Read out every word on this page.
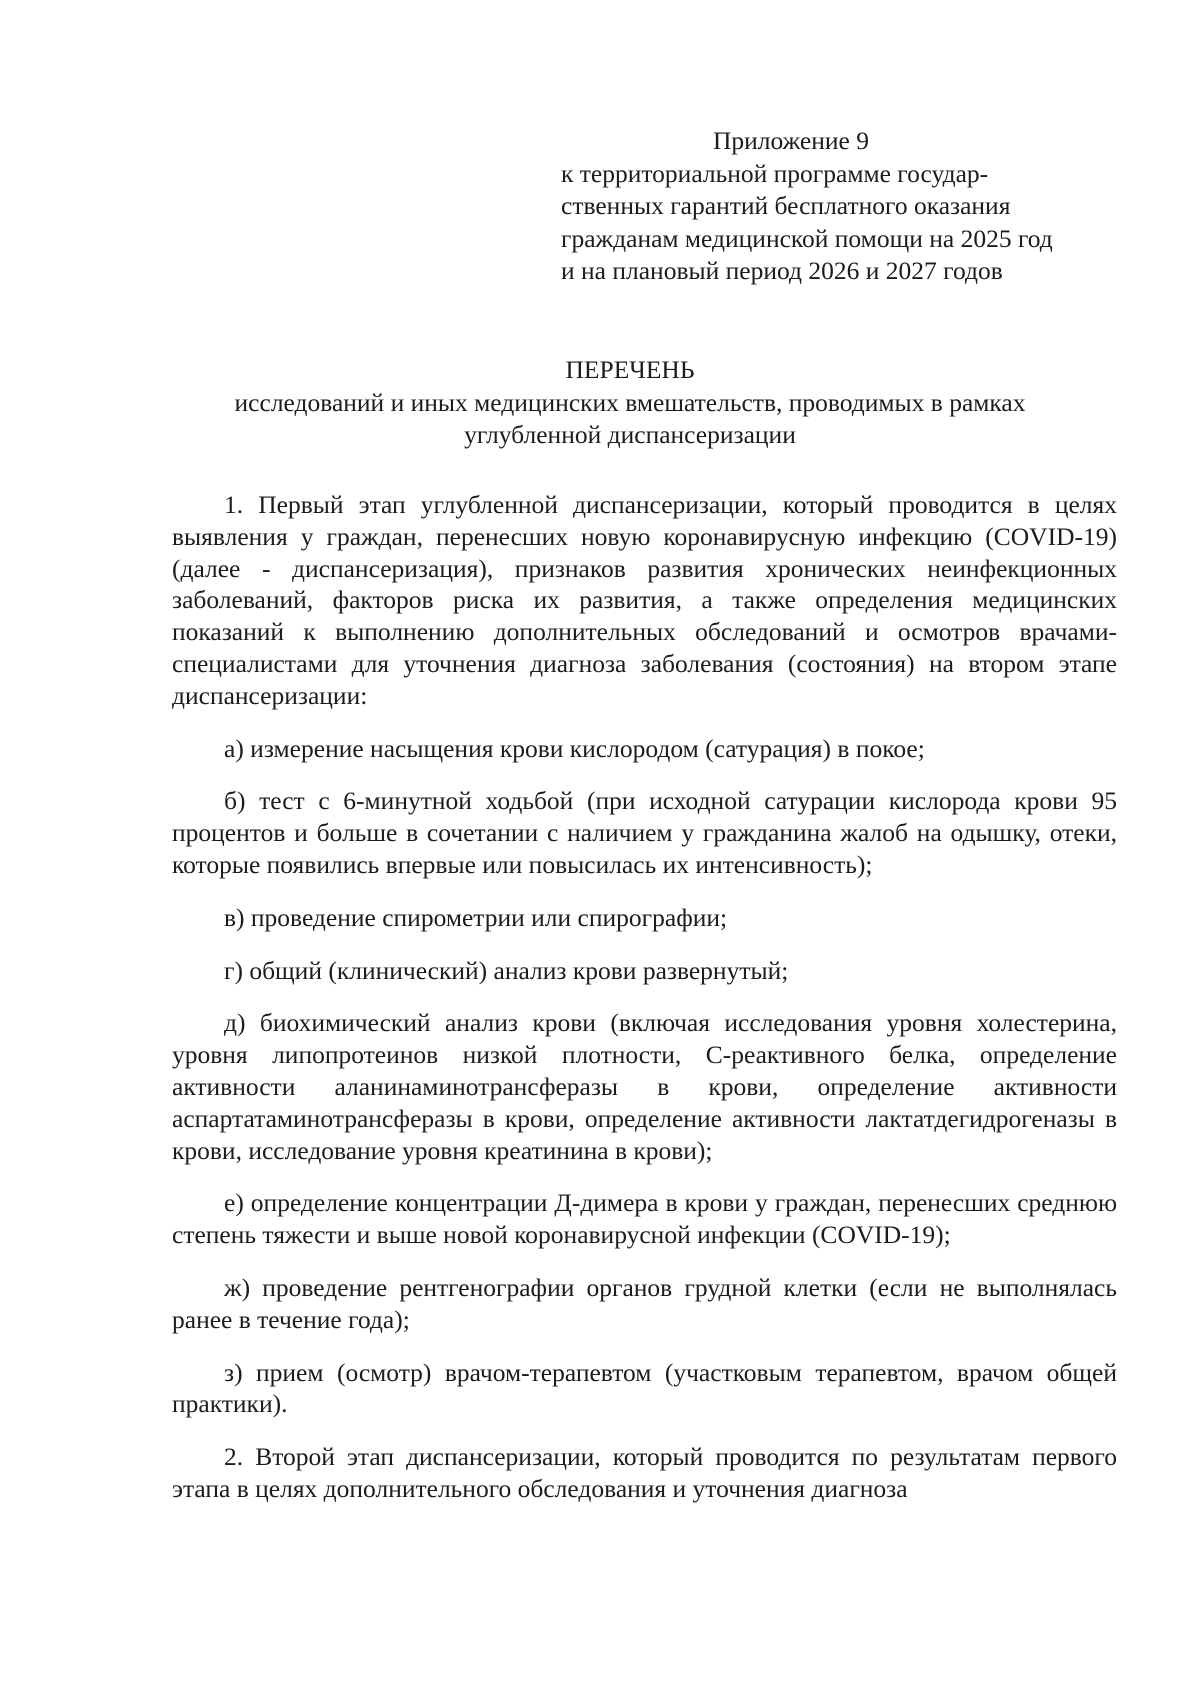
Приложение 9
к территориальной программе государ-
ственных гарантий бесплатного оказания
гражданам медицинской помощи на 2025 год
и на плановый период 2026 и 2027 годов
ПЕРЕЧЕНЬ
исследований и иных медицинских вмешательств, проводимых в рамках
углубленной диспансеризации

1. Первый этап углубленной диспансеризации, который проводится в целях выявления у граждан, перенесших новую коронавирусную инфекцию (COVID-19) (далее - диспансеризация), признаков развития хронических неинфекционных заболеваний, факторов риска их развития, а также определения медицинских показаний к выполнению дополнительных обследований и осмотров врачами-специалистами для уточнения диагноза заболевания (состояния) на втором этапе диспансеризации:

а) измерение насыщения крови кислородом (сатурация) в покое;

б) тест с 6-минутной ходьбой (при исходной сатурации кислорода крови 95 процентов и больше в сочетании с наличием у гражданина жалоб на одышку, отеки, которые появились впервые или повысилась их интенсивность);

в) проведение спирометрии или спирографии;

г) общий (клинический) анализ крови развернутый;

д) биохимический анализ крови (включая исследования уровня холестерина, уровня липопротеинов низкой плотности, С-реактивного белка, определение активности аланинаминотрансферазы в крови, определение активности аспартатаминотрансферазы в крови, определение активности лактатдегидрогеназы в крови, исследование уровня креатинина в крови);

е) определение концентрации Д-димера в крови у граждан, перенесших среднюю степень тяжести и выше новой коронавирусной инфекции (COVID-19);

ж) проведение рентгенографии органов грудной клетки (если не выполнялась ранее в течение года);

з) прием (осмотр) врачом-терапевтом (участковым терапевтом, врачом общей практики).

2. Второй этап диспансеризации, который проводится по результатам первого этапа в целях дополнительного обследования и уточнения диагноза
